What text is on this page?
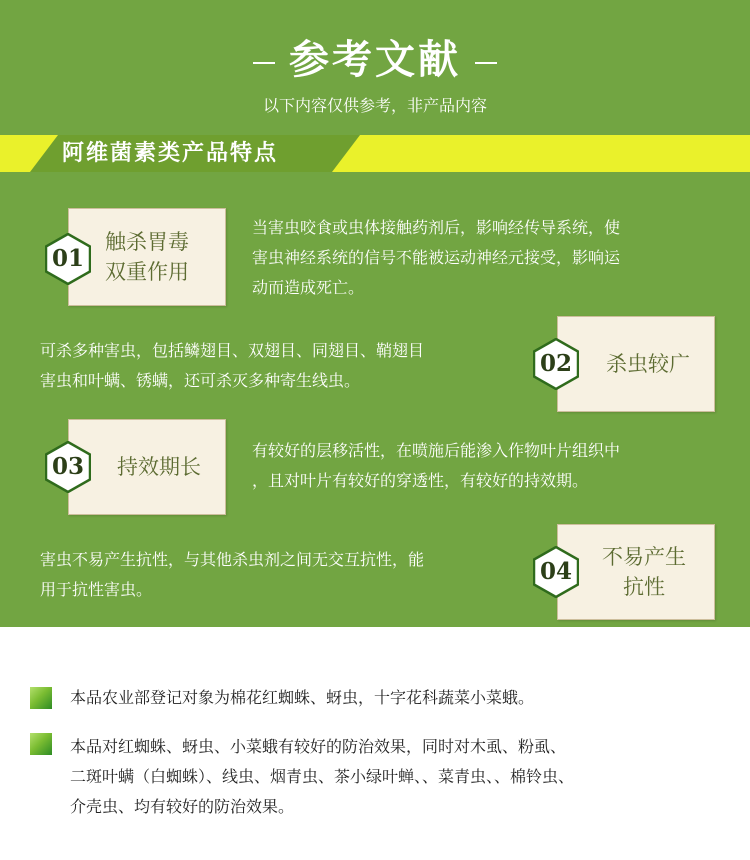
参考文献
以下内容仅供参考，非产品内容
阿维菌素类产品特点
触杀胃毒
双重作用
01
当害虫咬食或虫体接触药剂后，影响经传导系统，使
害虫神经系统的信号不能被运动神经元接受，影响运
动而造成死亡。
可杀多种害虫，包括鳞翅目、双翅目、同翅目、鞘翅目
害虫和叶螨、锈螨，还可杀灭多种寄生线虫。
杀虫较广
02
持效期长
03
有较好的层移活性，在喷施后能渗入作物叶片组织中
，且对叶片有较好的穿透性，有较好的持效期。
害虫不易产生抗性，与其他杀虫剂之间无交互抗性，能
用于抗性害虫。
不易产生
抗性
04
本品农业部登记对象为棉花红蜘蛛、蚜虫，十字花科蔬菜小菜蛾。
本品对红蜘蛛、蚜虫、小菜蛾有较好的防治效果，同时对木虱、粉虱、
二斑叶螨（白蜘蛛）、线虫、烟青虫、茶小绿叶蝉、、菜青虫、、棉铃虫、
介壳虫、均有较好的防治效果。
